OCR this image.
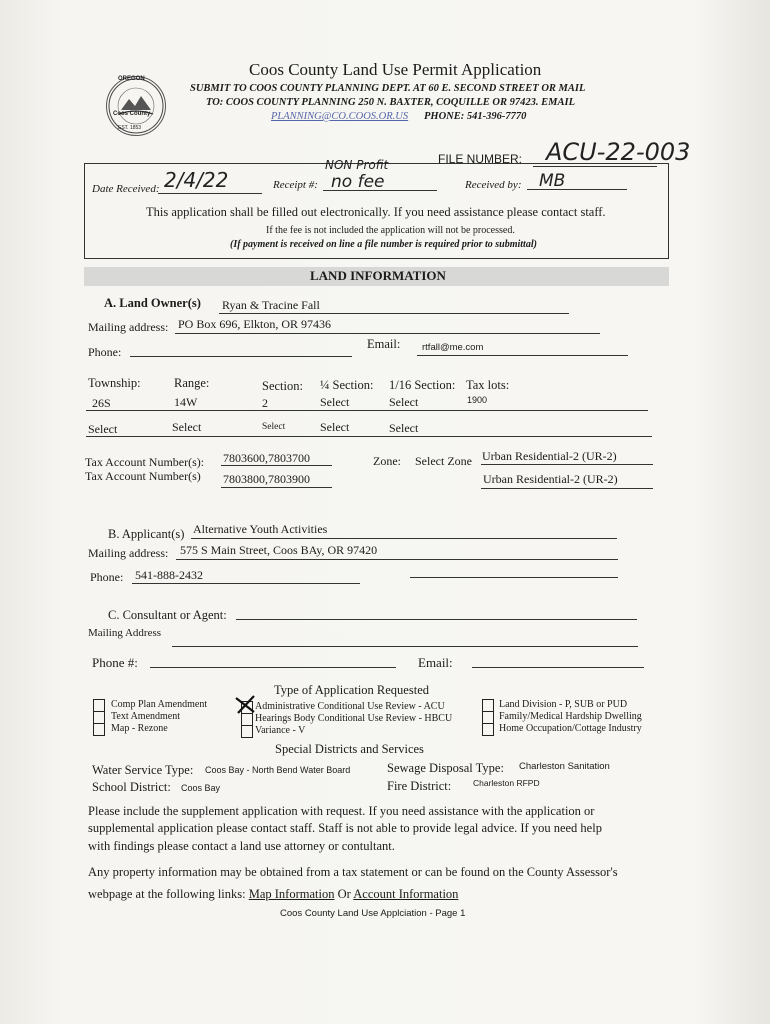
OREGON
Coos County
EST. 1853
Coos County Land Use Permit Application
SUBMIT TO COOS COUNTY PLANNING DEPT. AT 60 E. SECOND STREET OR MAIL
TO: COOS COUNTY PLANNING 250 N. BAXTER, COQUILLE OR 97423. EMAIL
PLANNING@CO.COOS.OR.US PHONE: 541-396-7770
FILE NUMBER: ACU-22-003
Date Received: 2/4/22	Receipt #:
NON Profit
no fee	Received by: MB
This application shall be filled out electronically. If you need assistance please contact staff.
If the fee is not included the application will not be processed.
(If payment is received on line a file number is required prior to submittal)
LAND INFORMATION
A. Land Owner(s) Ryan & Tracine Fall
Mailing address: PO Box 696, Elkton, OR 97436
Phone:
Email: rtfall@me.com
Township:	Range:	Section: ¼ Section: 1/16 Section: Tax lots:
26S	14W	2	Select	Select	1900
Select	Select	Select	Select	Select
Tax Account Number(s): 7803600,7803700
Tax Account Number(s) 7803800,7803900
Zone: Select Zone Urban Residential-2 (UR-2)
Urban Residential-2 (UR-2)
B. Applicant(s) Alternative Youth Activities
Mailing address: 575 S Main Street, Coos BAy, OR 97420
Phone: 541-888-2432
C. Consultant or Agent:
Mailing Address
Phone #:	Email:
Type of Application Requested
Comp Plan Amendment
Text Amendment
Map - Rezone
Administrative Conditional Use Review - ACU
Hearings Body Conditional Use Review - HBCU
Variance - V
Land Division - P, SUB or PUD
Family/Medical Hardship Dwelling
Home Occupation/Cottage Industry
Special Districts and Services
Water Service Type: Coos Bay - North Bend Water Board	Sewage Disposal Type: Charleston Sanitation
School District: Coos Bay	Fire District:	Charleston RFPD
Please include the supplement application with request. If you need assistance with the application or
supplemental application please contact staff. Staff is not able to provide legal advice. If you need help
with findings please contact a land use attorney or contultant.
Any property information may be obtained from a tax statement or can be found on the County Assessor's
webpage at the following links: Map Information Or Account Information
Coos County Land Use Applciation - Page 1
